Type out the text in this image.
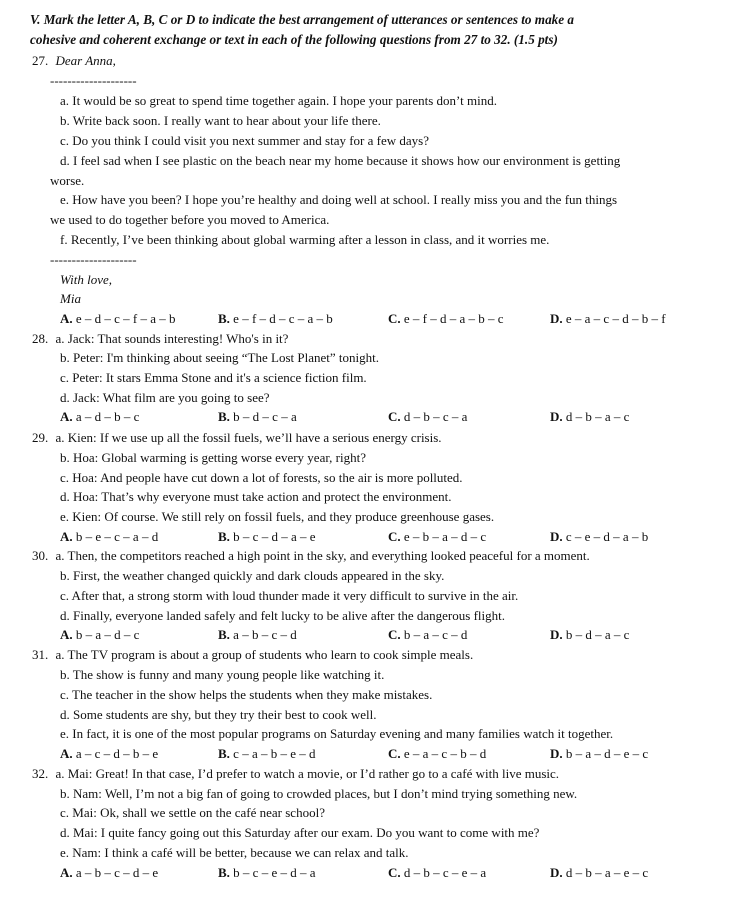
V. Mark the letter A, B, C or D to indicate the best arrangement of utterances or sentences to make a
cohesive and coherent exchange or text in each of the following questions from 27 to 32. (1.5 pts)
27. Dear Anna,
--------------------
a. It would be so great to spend time together again. I hope your parents don’t mind.
b. Write back soon. I really want to hear about your life there.
c. Do you think I could visit you next summer and stay for a few days?
d. I feel sad when I see plastic on the beach near my home because it shows how our environment is getting
worse.
e. How have you been? I hope you’re healthy and doing well at school. I really miss you and the fun things
we used to do together before you moved to America.
f. Recently, I’ve been thinking about global warming after a lesson in class, and it worries me.
--------------------
With love,
Mia
28. a. Jack: That sounds interesting! Who's in it?
b. Peter: I'm thinking about seeing “The Lost Planet” tonight.
c. Peter: It stars Emma Stone and it's a science fiction film.
d. Jack: What film are you going to see?
29. a. Kien: If we use up all the fossil fuels, we’ll have a serious energy crisis.
b. Hoa: Global warming is getting worse every year, right?
c. Hoa: And people have cut down a lot of forests, so the air is more polluted.
d. Hoa: That’s why everyone must take action and protect the environment.
e. Kien: Of course. We still rely on fossil fuels, and they produce greenhouse gases.
30. a. Then, the competitors reached a high point in the sky, and everything looked peaceful for a moment.
b. First, the weather changed quickly and dark clouds appeared in the sky.
c. After that, a strong storm with loud thunder made it very difficult to survive in the air.
d. Finally, everyone landed safely and felt lucky to be alive after the dangerous flight.
31. a. The TV program is about a group of students who learn to cook simple meals.
b. The show is funny and many young people like watching it.
c. The teacher in the show helps the students when they make mistakes.
d. Some students are shy, but they try their best to cook well.
e. In fact, it is one of the most popular programs on Saturday evening and many families watch it together.
32. a. Mai: Great! In that case, I’d prefer to watch a movie, or I’d rather go to a café with live music.
b. Nam: Well, I’m not a big fan of going to crowded places, but I don’t mind trying something new.
c. Mai: Ok, shall we settle on the café near school?
d. Mai: I quite fancy going out this Saturday after our exam. Do you want to come with me?
e. Nam: I think a café will be better, because we can relax and talk.
A. e – d – c – f – a – b	B. e – f – d – c – a – b	C. e – f – d – a – b – c	D. e – a – c – d – b – f
A. a – d – b – c	B. b – d – c – a	C. d – b – c – a	D. d – b – a – c
A. b – e – c – a – d	B. b – c – d – a – e	C. e – b – a – d – c	D. c – e – d – a – b
A. b – a – d – c	B. a – b – c – d	C. b – a – c – d	D. b – d – a – c
A. a – c – d – b – e	B. c – a – b – e – d	C. e – a – c – b – d	D. b – a – d – e – c
A. a – b – c – d – e	B. b – c – e – d – a	C. d – b – c – e – a	D. d – b – a – e – c
